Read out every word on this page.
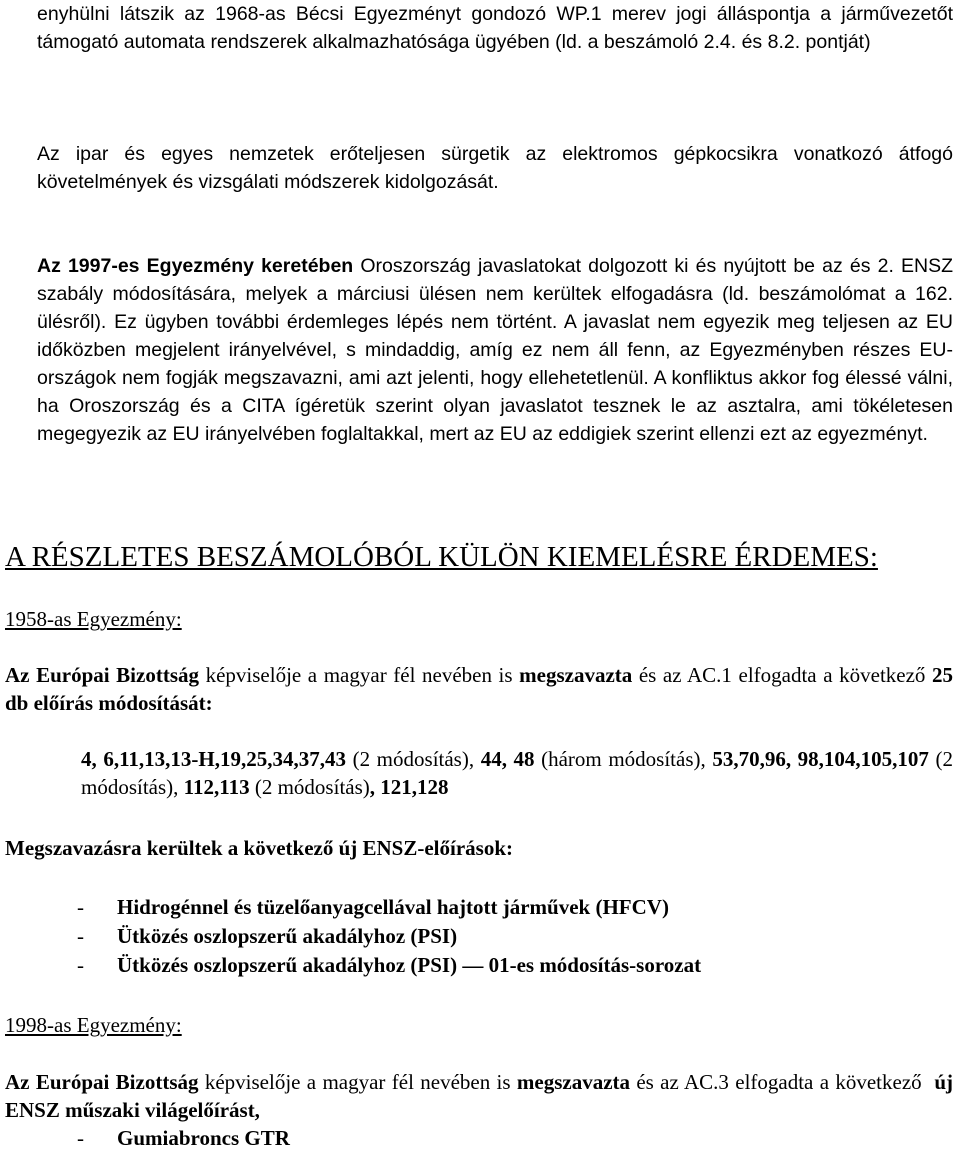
enyhülni látszik az 1968-as Bécsi Egyezményt gondozó WP.1 merev jogi álláspontja a járművezetőt támogató automata rendszerek alkalmazhatósága ügyében (ld. a beszámoló 2.4. és 8.2. pontját)

Az ipar és egyes nemzetek erőteljesen sürgetik az elektromos gépkocsikra vonatkozó átfogó követelmények és vizsgálati módszerek kidolgozását.

Az 1997-es Egyezmény keretében Oroszország javaslatokat dolgozott ki és nyújtott be az és 2. ENSZ szabály módosítására, melyek a márciusi ülésen nem kerültek elfogadásra (ld. beszámolómat a 162. ülésről). Ez ügyben további érdemleges lépés nem történt. A javaslat nem egyezik meg teljesen az EU időközben megjelent irányelvével, s mindaddig, amíg ez nem áll fenn, az Egyezményben részes EU-országok nem fogják megszavazni, ami azt jelenti, hogy ellehetetlenül. A konfliktus akkor fog élessé válni, ha Oroszország és a CITA ígéretük szerint olyan javaslatot tesznek le az asztalra, ami tökéletesen megegyezik az EU irányelvében foglaltakkal, mert az EU az eddigiek szerint ellenzi ezt az egyezményt.

A RÉSZLETES BESZÁMOLÓBÓL KÜLÖN KIEMELÉSRE ÉRDEMES:
1958-as Egyezmény:

Az Európai Bizottság képviselője a magyar fél nevében is megszavazta és az AC.1 elfogadta a következő 25 db előírás módosítását:

4, 6,11,13,13-H,19,25,34,37,43 (2 módosítás), 44, 48 (három módosítás), 53,70,96, 98,104,105,107 (2 módosítás), 112,113 (2 módosítás), 121,128

Megszavazásra kerültek a következő új ENSZ-előírások:

-	Hidrogénnel és tüzelőanyagcellával hajtott járművek (HFCV)
-	Ütközés oszlopszerű akadályhoz (PSI)
-	Ütközés oszlopszerű akadályhoz (PSI) — 01-es módosítás-sorozat
1998-as Egyezmény:

Az Európai Bizottság képviselője a magyar fél nevében is megszavazta és az AC.3 elfogadta a következő  új ENSZ műszaki világelőírást,

-	Gumiabroncs GTR
